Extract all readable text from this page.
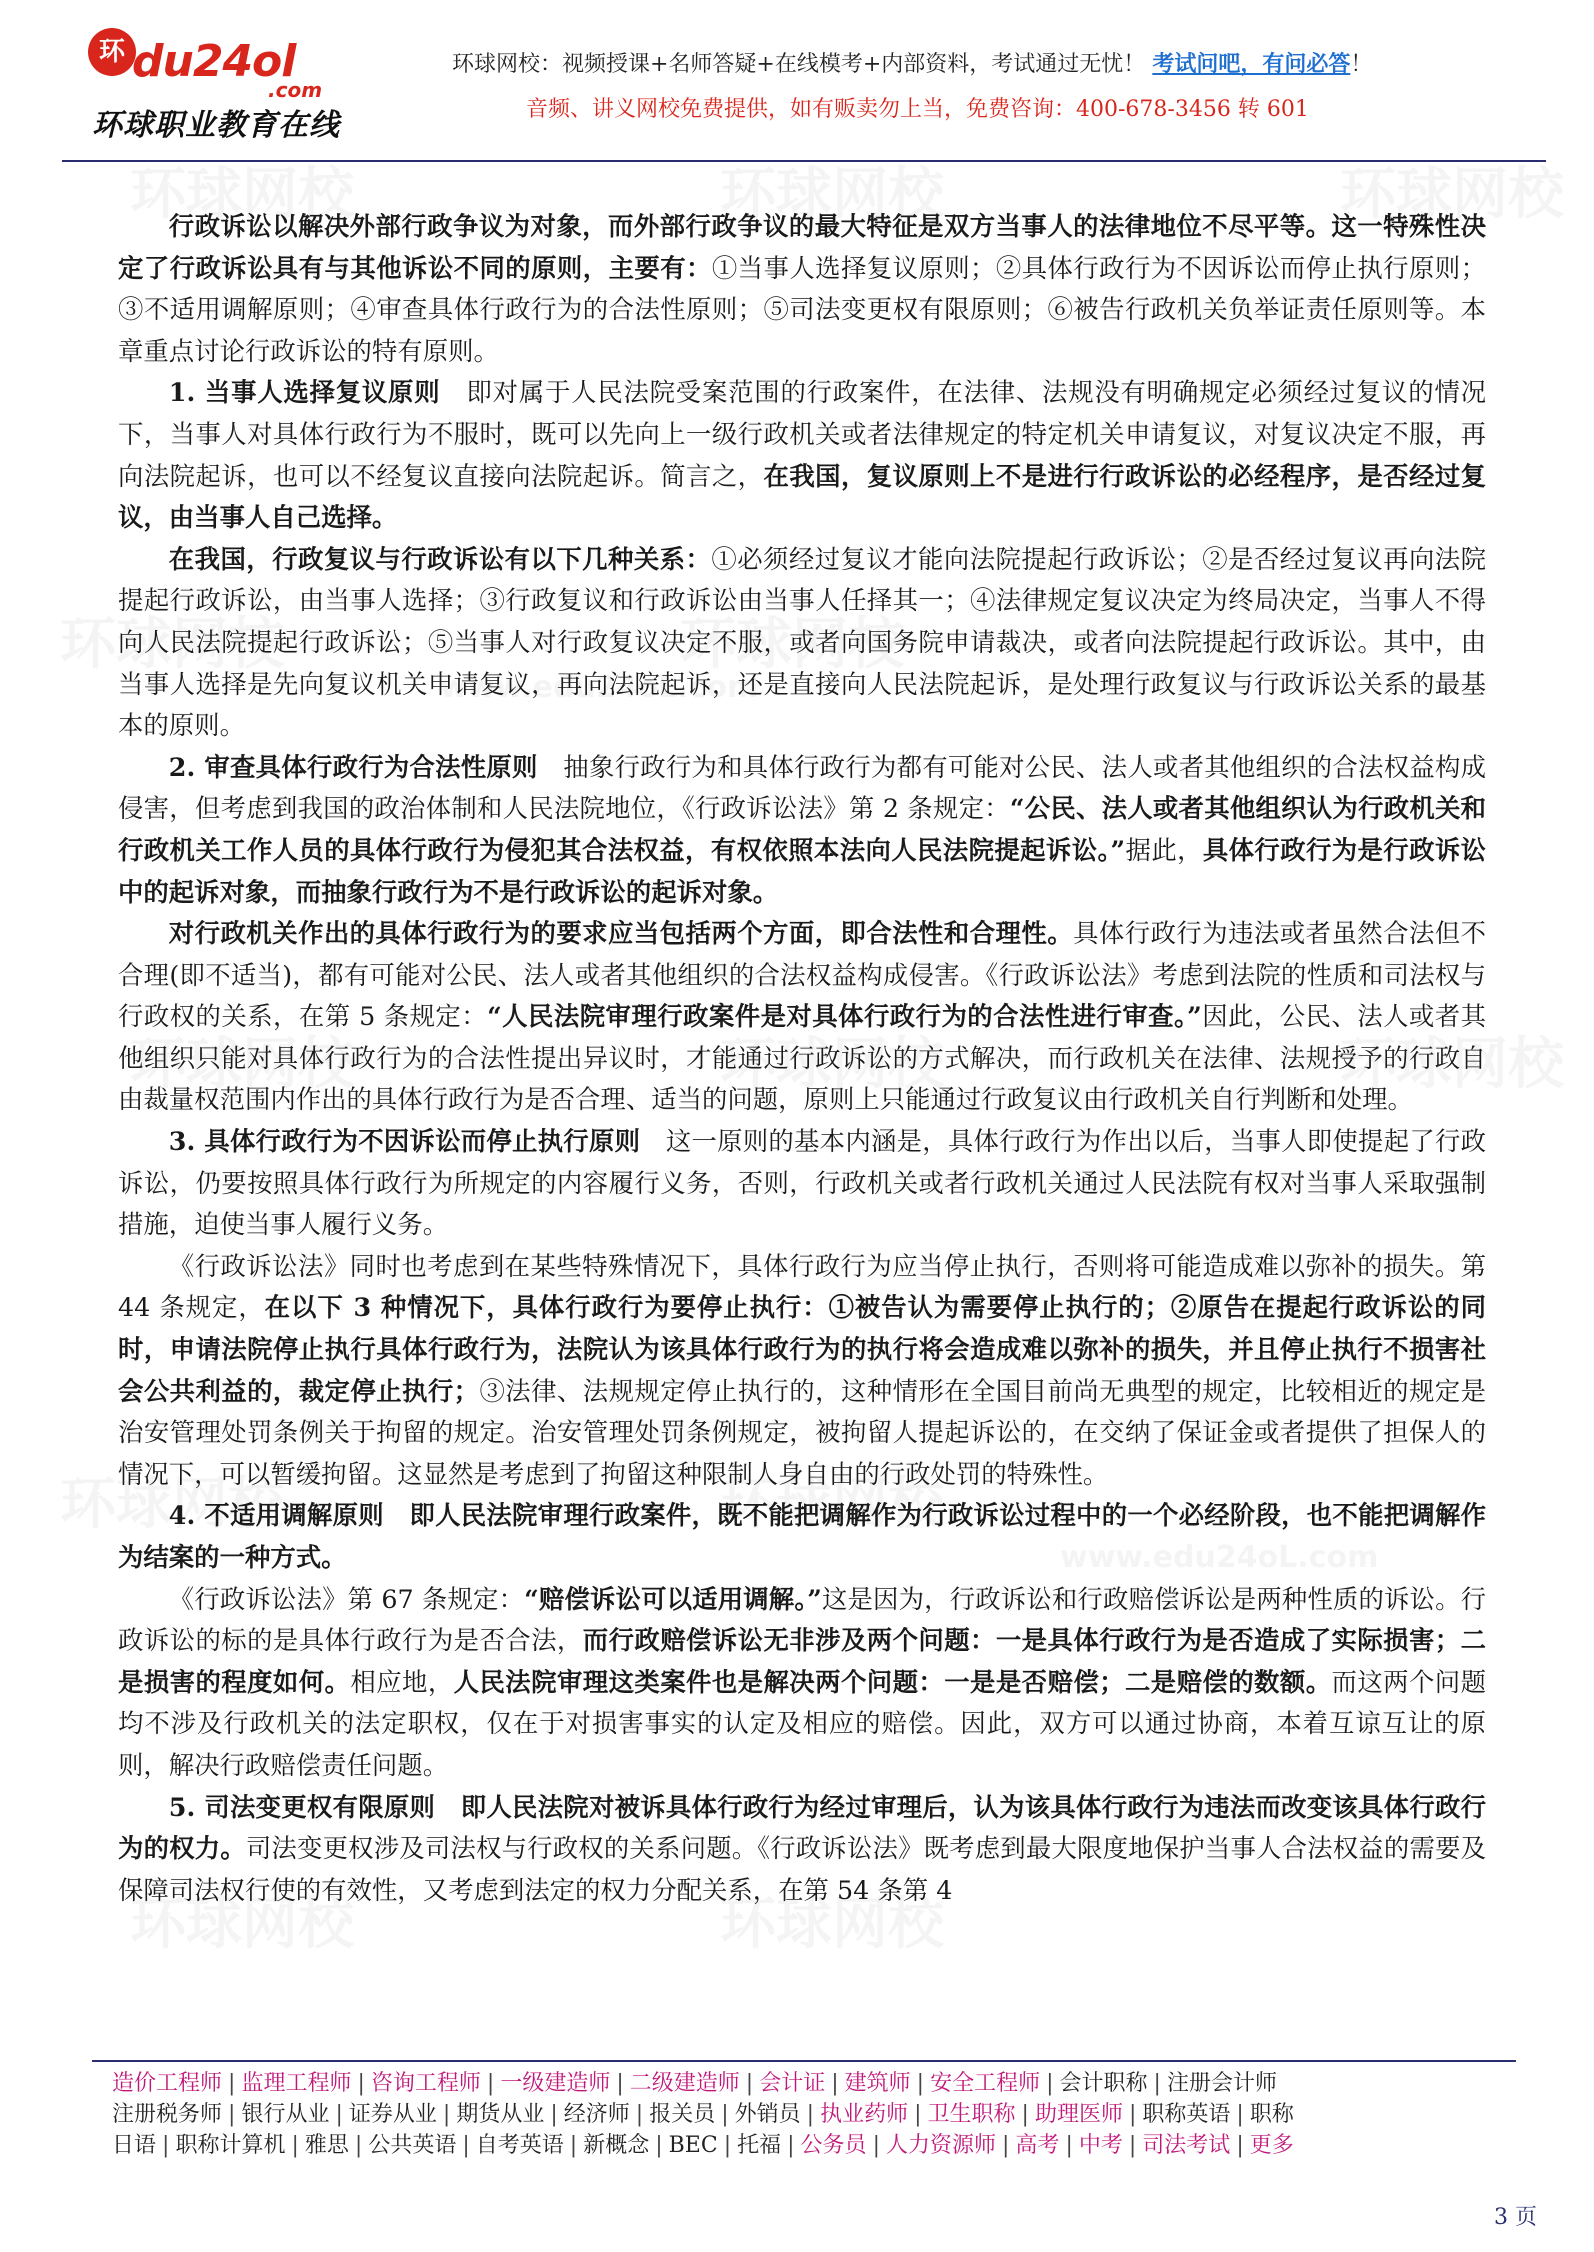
环 du24ol
.com
环球职业教育在线
环球网校：视频授课+名师答疑+在线模考+内部资料，考试通过无忧！ 考试问吧，有问必答！
音频、讲义网校免费提供，如有贩卖勿上当，免费咨询：400-678-3456 转 601

行政诉讼以解决外部行政争议为对象，而外部行政争议的最大特征是双方当事人的法律地位不尽平等。这一特殊性决定了行政诉讼具有与其他诉讼不同的原则，主要有：①当事人选择复议原则；②具体行政行为不因诉讼而停止执行原则；③不适用调解原则；④审查具体行政行为的合法性原则；⑤司法变更权有限原则；⑥被告行政机关负举证责任原则等。本章重点讨论行政诉讼的特有原则。

1. 当事人选择复议原则　即对属于人民法院受案范围的行政案件，在法律、法规没有明确规定必须经过复议的情况下，当事人对具体行政行为不服时，既可以先向上一级行政机关或者法律规定的特定机关申请复议，对复议决定不服，再向法院起诉，也可以不经复议直接向法院起诉。简言之，在我国，复议原则上不是进行行政诉讼的必经程序，是否经过复议，由当事人自己选择。

在我国，行政复议与行政诉讼有以下几种关系：①必须经过复议才能向法院提起行政诉讼；②是否经过复议再向法院提起行政诉讼，由当事人选择；③行政复议和行政诉讼由当事人任择其一；④法律规定复议决定为终局决定，当事人不得向人民法院提起行政诉讼；⑤当事人对行政复议决定不服，或者向国务院申请裁决，或者向法院提起行政诉讼。其中，由当事人选择是先向复议机关申请复议，再向法院起诉，还是直接向人民法院起诉，是处理行政复议与行政诉讼关系的最基本的原则。

2. 审查具体行政行为合法性原则　抽象行政行为和具体行政行为都有可能对公民、法人或者其他组织的合法权益构成侵害，但考虑到我国的政治体制和人民法院地位，《行政诉讼法》第 2 条规定：“公民、法人或者其他组织认为行政机关和行政机关工作人员的具体行政行为侵犯其合法权益，有权依照本法向人民法院提起诉讼。”据此，具体行政行为是行政诉讼中的起诉对象，而抽象行政行为不是行政诉讼的起诉对象。

对行政机关作出的具体行政行为的要求应当包括两个方面，即合法性和合理性。具体行政行为违法或者虽然合法但不合理(即不适当)，都有可能对公民、法人或者其他组织的合法权益构成侵害。《行政诉讼法》考虑到法院的性质和司法权与行政权的关系，在第 5 条规定：“人民法院审理行政案件是对具体行政行为的合法性进行审查。”因此，公民、法人或者其他组织只能对具体行政行为的合法性提出异议时，才能通过行政诉讼的方式解决，而行政机关在法律、法规授予的行政自由裁量权范围内作出的具体行政行为是否合理、适当的问题，原则上只能通过行政复议由行政机关自行判断和处理。

3. 具体行政行为不因诉讼而停止执行原则　这一原则的基本内涵是，具体行政行为作出以后，当事人即使提起了行政诉讼，仍要按照具体行政行为所规定的内容履行义务，否则，行政机关或者行政机关通过人民法院有权对当事人采取强制措施，迫使当事人履行义务。

《行政诉讼法》同时也考虑到在某些特殊情况下，具体行政行为应当停止执行，否则将可能造成难以弥补的损失。第 44 条规定，在以下 3 种情况下，具体行政行为要停止执行：①被告认为需要停止执行的；②原告在提起行政诉讼的同时，申请法院停止执行具体行政行为，法院认为该具体行政行为的执行将会造成难以弥补的损失，并且停止执行不损害社会公共利益的，裁定停止执行；③法律、法规规定停止执行的，这种情形在全国目前尚无典型的规定，比较相近的规定是治安管理处罚条例关于拘留的规定。治安管理处罚条例规定，被拘留人提起诉讼的，在交纳了保证金或者提供了担保人的情况下，可以暂缓拘留。这显然是考虑到了拘留这种限制人身自由的行政处罚的特殊性。

4. 不适用调解原则　即人民法院审理行政案件，既不能把调解作为行政诉讼过程中的一个必经阶段，也不能把调解作为结案的一种方式。

《行政诉讼法》第 67 条规定：“赔偿诉讼可以适用调解。”这是因为，行政诉讼和行政赔偿诉讼是两种性质的诉讼。行政诉讼的标的是具体行政行为是否合法，而行政赔偿诉讼无非涉及两个问题：一是具体行政行为是否造成了实际损害；二是损害的程度如何。相应地，人民法院审理这类案件也是解决两个问题：一是是否赔偿；二是赔偿的数额。而这两个问题均不涉及行政机关的法定职权，仅在于对损害事实的认定及相应的赔偿。因此，双方可以通过协商，本着互谅互让的原则，解决行政赔偿责任问题。

5. 司法变更权有限原则　即人民法院对被诉具体行政行为经过审理后，认为该具体行政行为违法而改变该具体行政行为的权力。司法变更权涉及司法权与行政权的关系问题。《行政诉讼法》既考虑到最大限度地保护当事人合法权益的需要及保障司法权行使的有效性，又考虑到法定的权力分配关系，在第 54 条第 4

造价工程师 | 监理工程师 | 咨询工程师 | 一级建造师 | 二级建造师 | 会计证 | 建筑师 | 安全工程师 | 会计职称 | 注册会计师
注册税务师 | 银行从业 | 证券从业 | 期货从业 | 经济师 | 报关员 | 外销员 | 执业药师 | 卫生职称 | 助理医师 | 职称英语 | 职称
日语 | 职称计算机 | 雅思 | 公共英语 | 自考英语 | 新概念 | BEC | 托福 | 公务员 | 人力资源师 | 高考 | 中考 | 司法考试 | 更多
3 页
